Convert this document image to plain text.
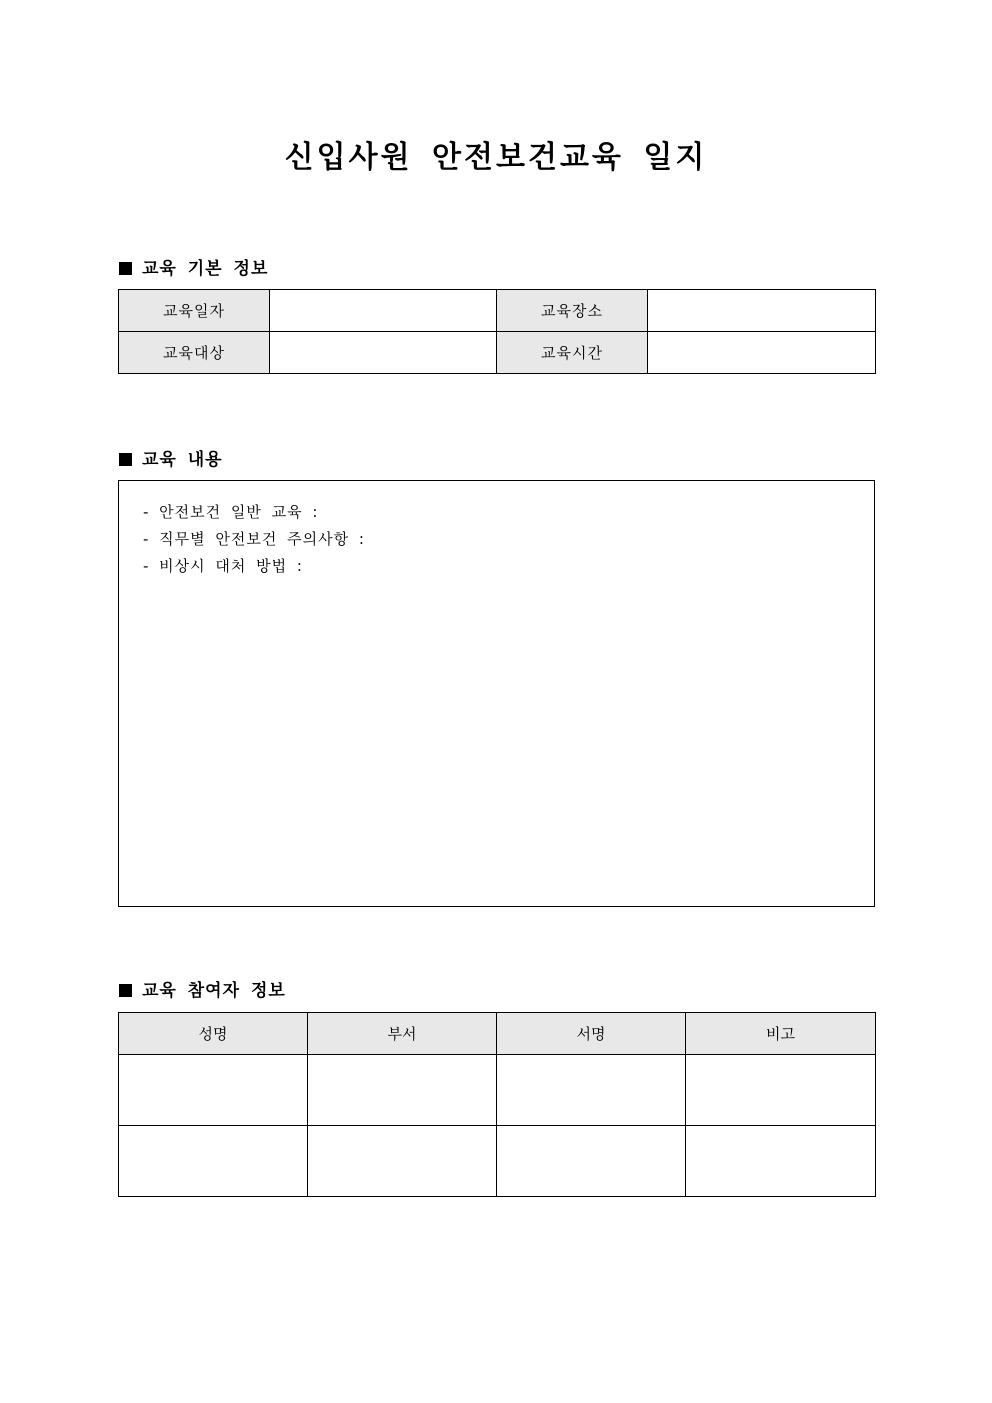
신입사원 안전보건교육 일지
교육 기본 정보
교육일자		교육장소	
교육대상		교육시간	
교육 내용
- 안전보건 일반 교육 :
- 직무별 안전보건 주의사항 :
- 비상시 대처 방법 :
교육 참여자 정보
성명	부서	서명	비고
